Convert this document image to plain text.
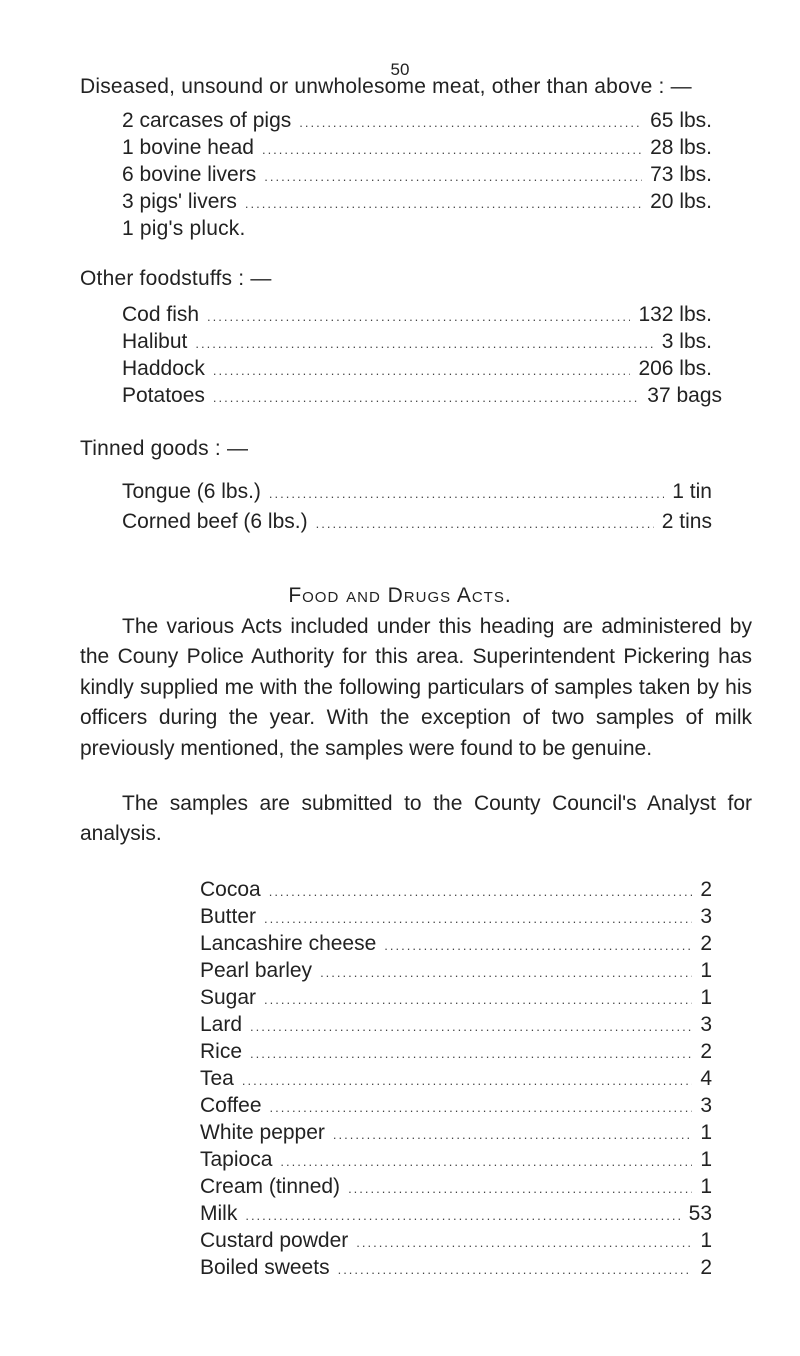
50
Diseased, unsound or unwholesome meat, other than above : —
2 carcases of pigs .....	65 lbs.
1 bovine head .....	28 lbs.
6 bovine livers .....	73 lbs.
3 pigs' livers .....	20 lbs.
1 pig's pluck.
Other foodstuffs : —
Cod fish .....	132 lbs.
Halibut .....	3 lbs.
Haddock .....	206 lbs.
Potatoes .....	37 bags
Tinned goods : —
Tongue (6 lbs.) .....	1 tin
Corned beef (6 lbs.) .....	2 tins
Food and Drugs Acts.
The various Acts included under this heading are administered by the Couny Police Authority for this area. Superintendent Pickering has kindly supplied me with the following particulars of samples taken by his officers during the year. With the exception of two samples of milk previously mentioned, the samples were found to be genuine.
The samples are submitted to the County Council's Analyst for analysis.
Cocoa .....	2
Butter .....	3
Lancashire cheese .....	2
Pearl barley .....	1
Sugar .....	1
Lard .....	3
Rice .....	2
Tea .....	4
Coffee .....	3
White pepper .....	1
Tapioca .....	1
Cream (tinned) .....	1
Milk .....	53
Custard powder .....	1
Boiled sweets .....	2
